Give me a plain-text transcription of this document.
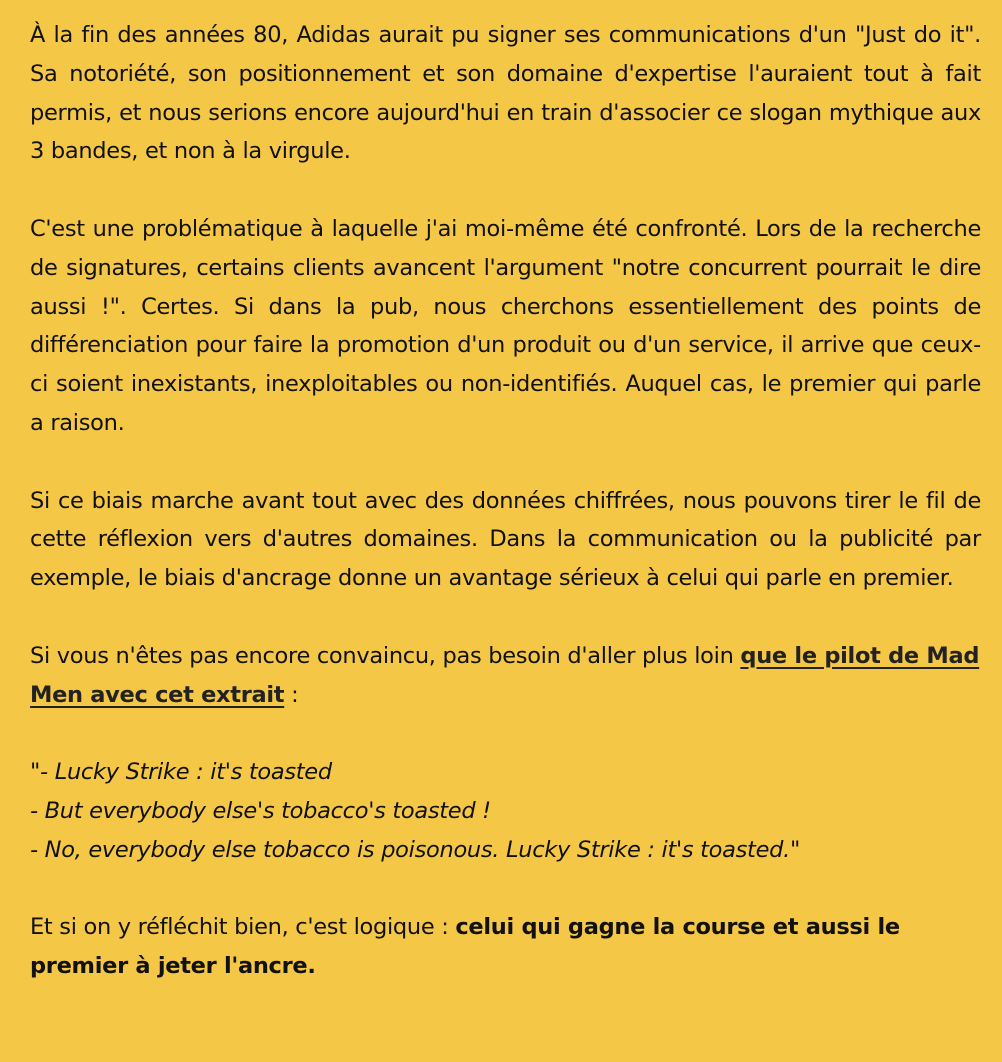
À la fin des années 80, Adidas aurait pu signer ses communications d'un "Just do it". Sa notoriété, son positionnement et son domaine d'expertise l'auraient tout à fait permis, et nous serions encore aujourd'hui en train d'associer ce slogan mythique aux 3 bandes, et non à la virgule.

C'est une problématique à laquelle j'ai moi-même été confronté. Lors de la recherche de signatures, certains clients avancent l'argument "notre concurrent pourrait le dire aussi !". Certes. Si dans la pub, nous cherchons essentiellement des points de différenciation pour faire la promotion d'un produit ou d'un service, il arrive que ceux-ci soient inexistants, inexploitables ou non-identifiés. Auquel cas, le premier qui parle a raison.

Si ce biais marche avant tout avec des données chiffrées, nous pouvons tirer le fil de cette réflexion vers d'autres domaines. Dans la communication ou la publicité par exemple, le biais d'ancrage donne un avantage sérieux à celui qui parle en premier.

Si vous n'êtes pas encore convaincu, pas besoin d'aller plus loin que le pilot de Mad Men avec cet extrait :

"- Lucky Strike : it's toasted
- But everybody else's tobacco's toasted !
- No, everybody else tobacco is poisonous. Lucky Strike : it's toasted."

Et si on y réfléchit bien, c'est logique : celui qui gagne la course et aussi le premier à jeter l'ancre.
